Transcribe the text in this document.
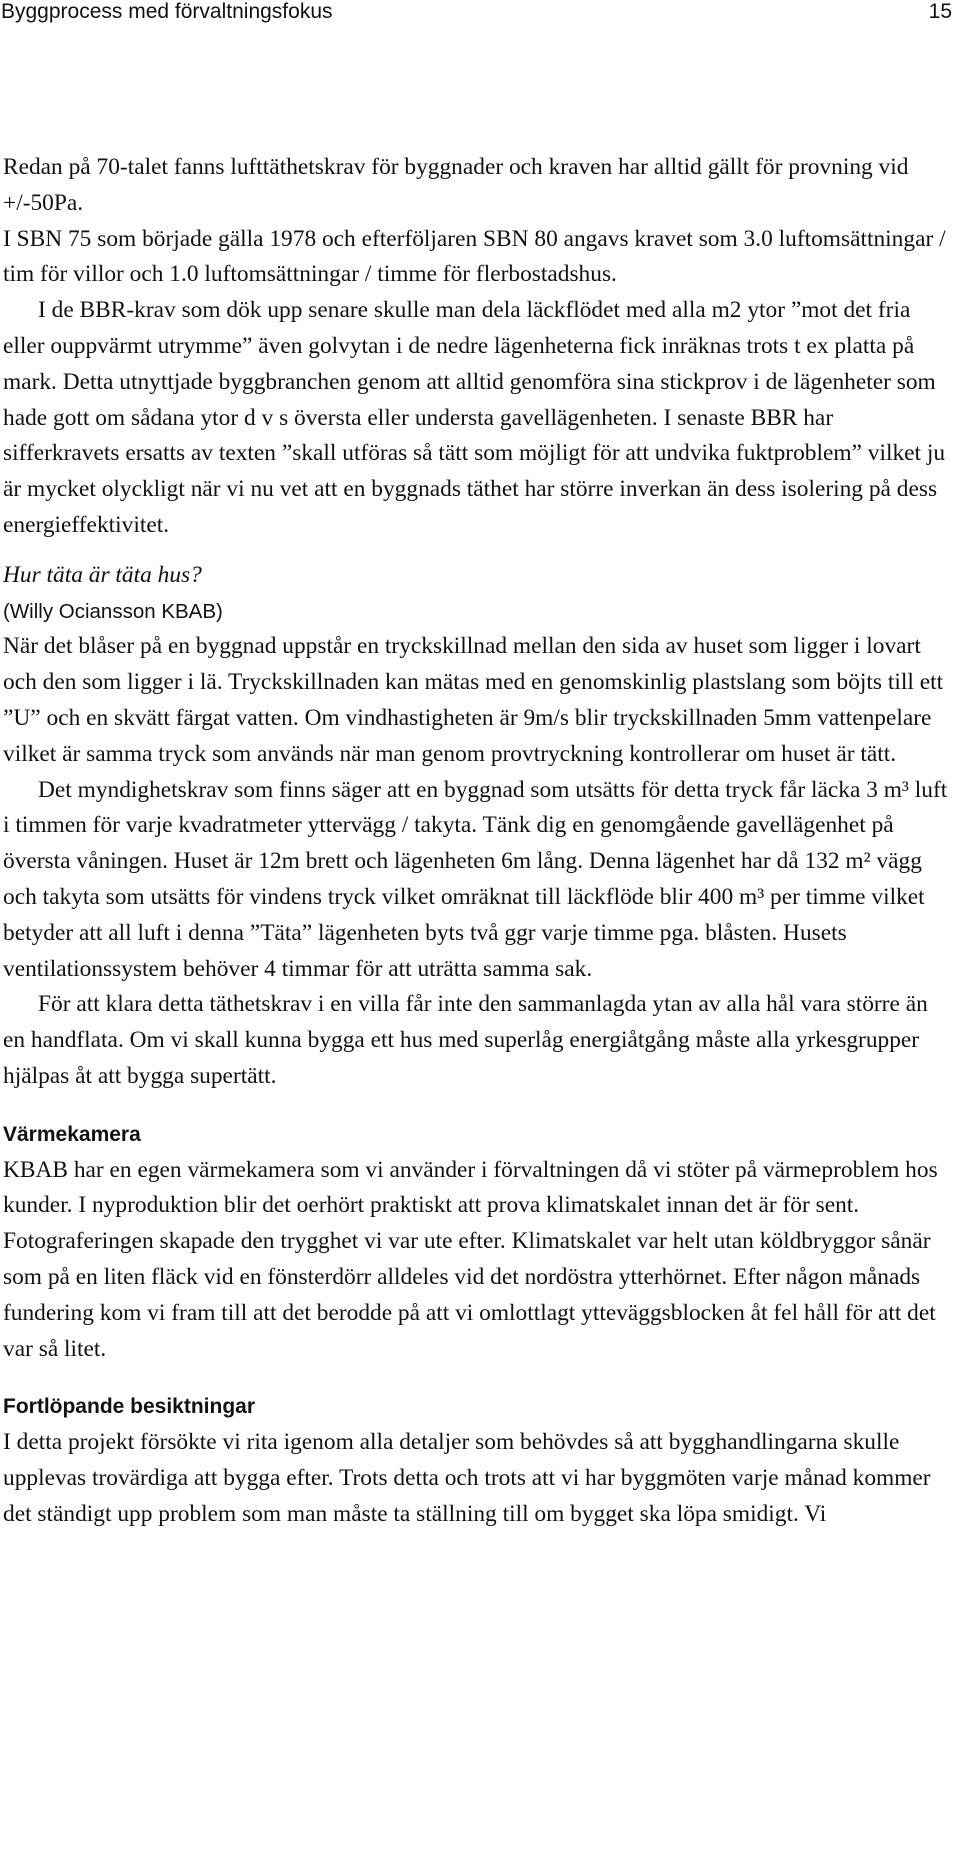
Byggprocess med förvaltningsfokus	15

Redan på 70-talet fanns lufttäthetskrav för byggnader och kraven har alltid gällt för provning vid +/-50Pa.

I SBN 75 som började gälla 1978 och efterföljaren SBN 80 angavs kravet som 3.0 luftomsättningar / tim för villor och 1.0 luftomsättningar / timme för flerbostadshus.

I de BBR-krav som dök upp senare skulle man dela läckflödet med alla m2 ytor ”mot det fria eller ouppvärmt utrymme” även golvytan i de nedre lägenheterna fick inräknas trots t ex platta på mark. Detta utnyttjade byggbranchen genom att alltid genomföra sina stickprov i de lägenheter som hade gott om sådana ytor d v s översta eller understa gavellägenheten. I senaste BBR har sifferkravets ersatts av texten ”skall utföras så tätt som möjligt för att undvika fuktproblem” vilket ju är mycket olyckligt när vi nu vet att en byggnads täthet har större inverkan än dess isolering på dess energieffektivitet.

Hur täta är täta hus?

(Willy Ociansson KBAB)

När det blåser på en byggnad uppstår en tryckskillnad mellan den sida av huset som ligger i lovart och den som ligger i lä. Tryckskillnaden kan mätas med en genomskinlig plastslang som böjts till ett ”U” och en skvätt färgat vatten. Om vindhastigheten är 9m/s blir tryckskillnaden 5mm vattenpelare vilket är samma tryck som används när man genom provtryckning kontrollerar om huset är tätt.

Det myndighetskrav som finns säger att en byggnad som utsätts för detta tryck får läcka 3 m³ luft i timmen för varje kvadratmeter yttervägg / takyta. Tänk dig en genomgående gavellägenhet på översta våningen. Huset är 12m brett och lägenheten 6m lång. Denna lägenhet har då 132 m² vägg och takyta som utsätts för vindens tryck vilket omräknat till läckflöde blir 400 m³ per timme vilket betyder att all luft i denna ”Täta” lägenheten byts två ggr varje timme pga. blåsten. Husets ventilationssystem behöver 4 timmar för att uträtta samma sak.

För att klara detta täthetskrav i en villa får inte den sammanlagda ytan av alla hål vara större än en handflata. Om vi skall kunna bygga ett hus med superlåg energiåtgång måste alla yrkesgrupper hjälpas åt att bygga supertätt.

Värmekamera

KBAB har en egen värmekamera som vi använder i förvaltningen då vi stöter på värmeproblem hos kunder. I nyproduktion blir det oerhört praktiskt att prova klimatskalet innan det är för sent. Fotograferingen skapade den trygghet vi var ute efter. Klimatskalet var helt utan köldbryggor sånär som på en liten fläck vid en fönsterdörr alldeles vid det nordöstra ytterhörnet. Efter någon månads fundering kom vi fram till att det berodde på att vi omlottlagt ytteväggsblocken åt fel håll för att det var så litet.

Fortlöpande besiktningar

I detta projekt försökte vi rita igenom alla detaljer som behövdes så att bygghandlingarna skulle upplevas trovärdiga att bygga efter. Trots detta och trots att vi har byggmöten varje månad kommer det ständigt upp problem som man måste ta ställning till om bygget ska löpa smidigt. Vi
